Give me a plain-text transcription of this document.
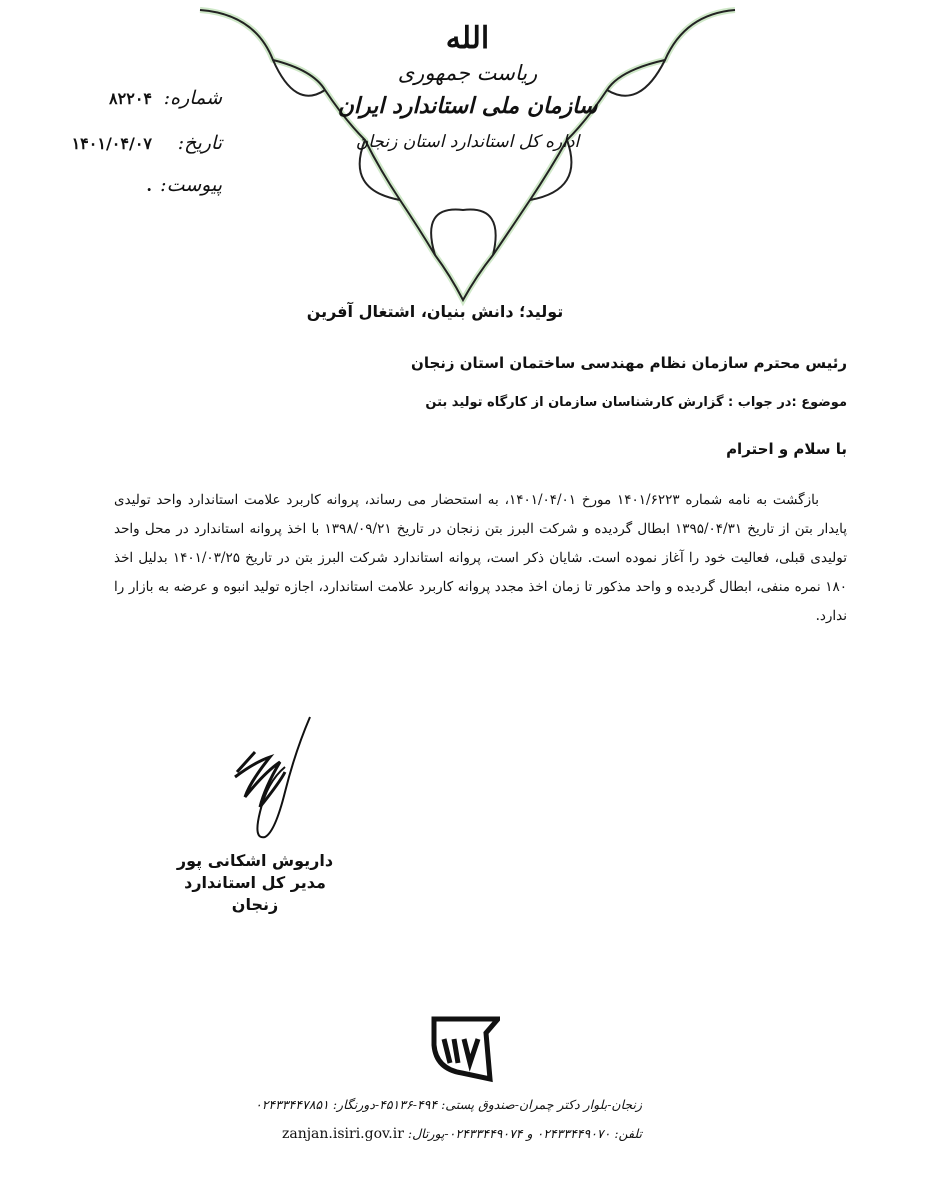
الله
ریاست جمهوری
سازمان ملی استاندارد ایران
اداره کل استاندارد استان زنجان
شماره:
۸۲۲۰۴
تاریخ:
۱۴۰۱/۰۴/۰۷
پیوست:
.
تولید؛ دانش بنیان، اشتغال آفرین
رئیس محترم سازمان نظام مهندسی ساختمان استان زنجان
موضوع :در جواب : گزارش کارشناسان سازمان از کارگاه تولید بتن
با سلام و احترام

بازگشت به نامه شماره ۱۴۰۱/۶۲۲۳ مورخ ۱۴۰۱/۰۴/۰۱، به استحضار می رساند، پروانه کاربرد علامت استاندارد واحد تولیدی پایدار بتن از تاریخ ۱۳۹۵/۰۴/۳۱ ابطال گردیده و شرکت البرز بتن زنجان در تاریخ ۱۳۹۸/۰۹/۲۱ با اخذ پروانه استاندارد در محل واحد تولیدی قبلی، فعالیت خود را آغاز نموده است. شایان ذکر است، پروانه استاندارد شرکت البرز بتن در تاریخ ۱۴۰۱/۰۳/۲۵ بدلیل اخذ ۱۸۰ نمره منفی، ابطال گردیده و واحد مذکور تا زمان اخذ مجدد پروانه کاربرد علامت استاندارد، اجازه تولید انبوه و عرضه به بازار را ندارد.

داریوش اشکانی پور
مدیر کل استاندارد زنجان
زنجان-بلوار دکتر چمران-صندوق پستی: ۴۹۴-۴۵۱۳۶-دورنگار: ۰۲۴۳۳۴۴۷۸۵۱
تلفن: ۰۲۴۳۳۴۴۹۰۷۰ و ۰۲۴۳۳۴۴۹۰۷۴-پورتال: zanjan.isiri.gov.ir
